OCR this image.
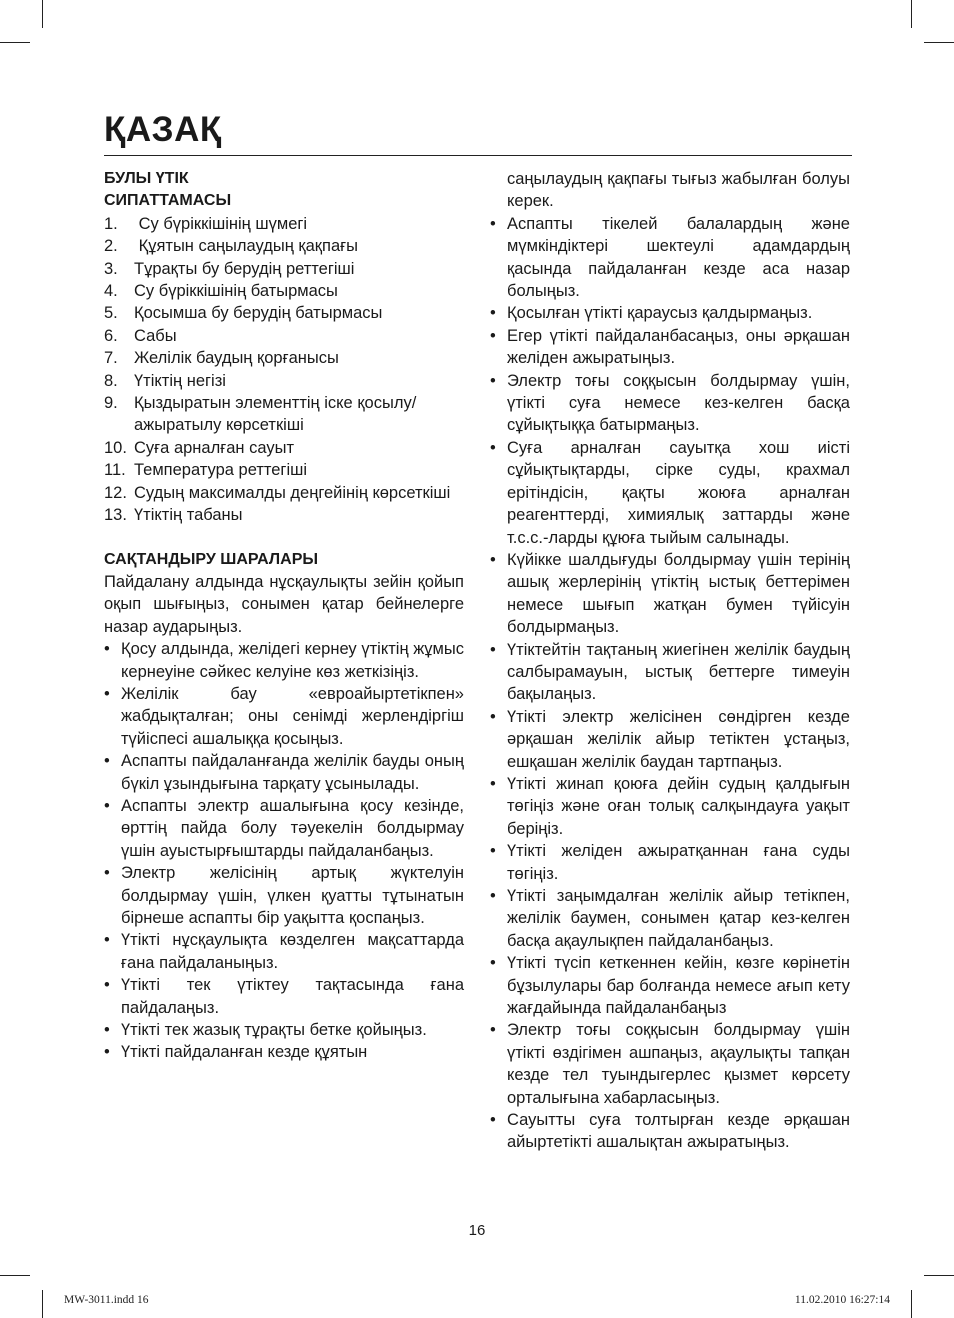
ҚАЗАҚ
БУЛЫ ҮТІК
СИПАТТАМАСЫ
1. Су бүріккішінің шүмегі
2. Құятын саңылаудың қақпағы
3. Тұрақты бу берудің реттегіші
4. Су бүріккішінің батырмасы
5. Қосымша бу берудің батырмасы
6. Сабы
7. Желілік баудың қорғанысы
8. Үтіктің негізі
9. Қыздыратын элементтің іске қосылу/ажыратылу көрсеткіші
10. Суға арналған сауыт
11. Температура реттегіші
12. Судың максималды деңгейінің көрсеткіші
13. Үтіктің табаны
САҚТАНДЫРУ ШАРАЛАРЫ
Пайдалану алдында нұсқаулықты зейін қойып оқып шығыңыз, сонымен қатар бейнелерге назар аударыңыз.
• Қосу алдында, желідегі кернеу үтіктің жұмыс кернеуіне сәйкес келуіне көз жеткізіңіз.
• Желілік бау «евроайыртетікпен» жабдықталған; оны сенімді жерлендіргіш түйіспесі ашалыққа қосыңыз.
• Аспапты пайдаланғанда желілік бауды оның бүкіл ұзындығына тарқату ұсынылады.
• Аспапты электр ашалығына қосу кезінде, өрттің пайда болу тәуекелін болдырмау үшін ауыстырғыштарды пайдаланбаңыз.
• Электр желісінің артық жүктелуін болдырмау үшін, үлкен қуатты тұтынатын бірнеше аспапты бір уақытта қоспаңыз.
• Үтікті нұсқаулықта көзделген мақсаттарда ғана пайдаланыңыз.
• Үтікті тек үтіктеу тақтасында ғана пайдалаңыз.
• Үтікті тек жазық тұрақты бетке қойыңыз.
• Үтікті пайдаланған кезде құятын
саңылаудың қақпағы тығыз жабылған болуы керек.
• Аспапты тікелей балалардың және мүмкіндіктері шектеулі адамдардың қасында пайдаланған кезде аса назар болыңыз.
• Қосылған үтікті қараусыз қалдырмаңыз.
• Егер үтікті пайдаланбасаңыз, оны әрқашан желіден ажыратыңыз.
• Электр тоғы соққысын болдырмау үшін, үтікті суға немесе кез-келген басқа сұйықтыққа батырмаңыз.
• Суға арналған сауытқа хош иісті сұйықтықтарды, сірке суды, крахмал ерітіндісін, қақты жоюға арналған реагенттерді, химиялық заттарды және т.с.с.-ларды құюға тыйым салынады.
• Күйікке шалдығуды болдырмау үшін терінің ашық жерлерінің үтіктің ыстық беттерімен немесе шығып жатқан бумен түйісуін болдырмаңыз.
• Үтіктейтін тақтаның жиегінен желілік баудың салбырамауын, ыстық беттерге тимеуін бақылаңыз.
• Үтікті электр желісінен сөндірген кезде әрқашан желілік айыр тетіктен ұстаңыз, ешқашан желілік баудан тартпаңыз.
• Үтікті жинап қоюға дейін судың қалдығын төгіңіз және оған толық салқындауға уақыт беріңіз.
• Үтікті желіден ажыратқаннан ғана суды төгіңіз.
• Үтікті заңымдалған желілік айыр тетікпен, желілік баумен, сонымен қатар кез-келген басқа ақаулықпен пайдаланбаңыз.
• Үтікті түсіп кеткеннен кейін, көзге көрінетін бұзылулары бар болғанда немесе ағып кету жағдайында пайдаланбаңыз
• Электр тоғы соққысын болдырмау үшін үтікті өздігімен ашпаңыз, ақаулықты тапқан кезде тел туындыгерлес қызмет көрсету орталығына хабарласыңыз.
• Сауытты суға толтырған кезде әрқашан айыртетікті ашалықтан ажыратыңыз.
16
MW-3011.indd 16	11.02.2010 16:27:14
